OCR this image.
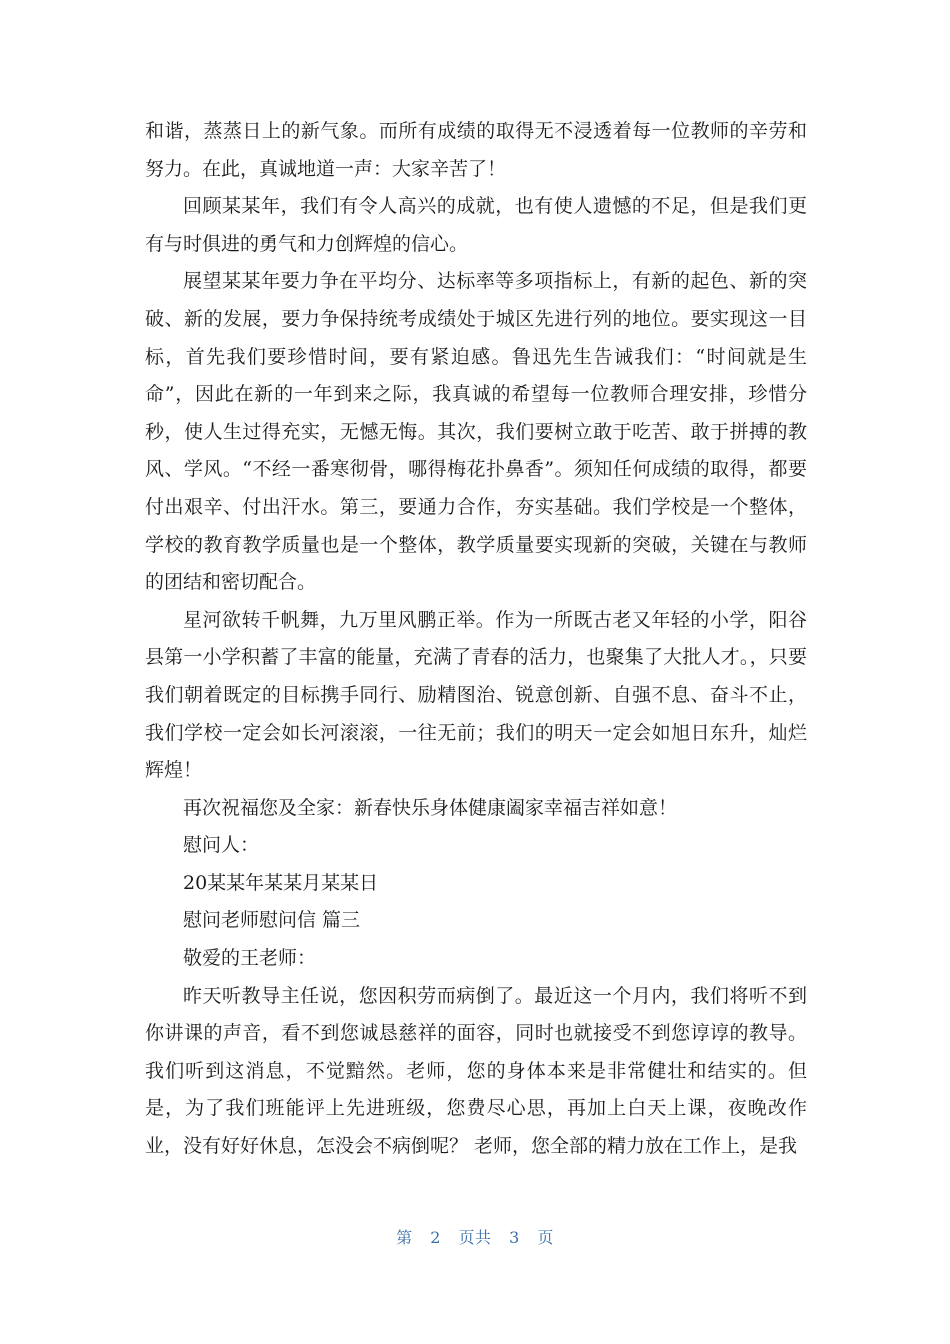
和谐，蒸蒸日上的新气象。而所有成绩的取得无不浸透着每一位教师的辛劳和努力。在此，真诚地道一声：大家辛苦了！

回顾某某年，我们有令人高兴的成就，也有使人遗憾的不足，但是我们更有与时俱进的勇气和力创辉煌的信心。

展望某某年要力争在平均分、达标率等多项指标上，有新的起色、新的突破、新的发展，要力争保持统考成绩处于城区先进行列的地位。要实现这一目标，首先我们要珍惜时间，要有紧迫感。鲁迅先生告诫我们：“时间就是生命”，因此在新的一年到来之际，我真诚的希望每一位教师合理安排，珍惜分秒，使人生过得充实，无憾无悔。其次，我们要树立敢于吃苦、敢于拼搏的教风、学风。“不经一番寒彻骨，哪得梅花扑鼻香”。须知任何成绩的取得，都要付出艰辛、付出汗水。第三，要通力合作，夯实基础。我们学校是一个整体，学校的教育教学质量也是一个整体，教学质量要实现新的突破，关键在与教师的团结和密切配合。

星河欲转千帆舞，九万里风鹏正举。作为一所既古老又年轻的小学，阳谷县第一小学积蓄了丰富的能量，充满了青春的活力，也聚集了大批人才。，只要我们朝着既定的目标携手同行、励精图治、锐意创新、自强不息、奋斗不止，我们学校一定会如长河滚滚，一往无前；我们的明天一定会如旭日东升，灿烂辉煌！

再次祝福您及全家：新春快乐身体健康阖家幸福吉祥如意！

慰问人：

20某某年某某月某某日

慰问老师慰问信 篇三

敬爱的王老师：

昨天听教导主任说，您因积劳而病倒了。最近这一个月内，我们将听不到你讲课的声音，看不到您诚恳慈祥的面容，同时也就接受不到您谆谆的教导。我们听到这消息，不觉黯然。老师，您的身体本来是非常健壮和结实的。但是，为了我们班能评上先进班级，您费尽心思，再加上白天上课，夜晚改作业，没有好好休息，怎没会不病倒呢？ 老师，您全部的精力放在工作上，是我

第 2 页共 3 页
